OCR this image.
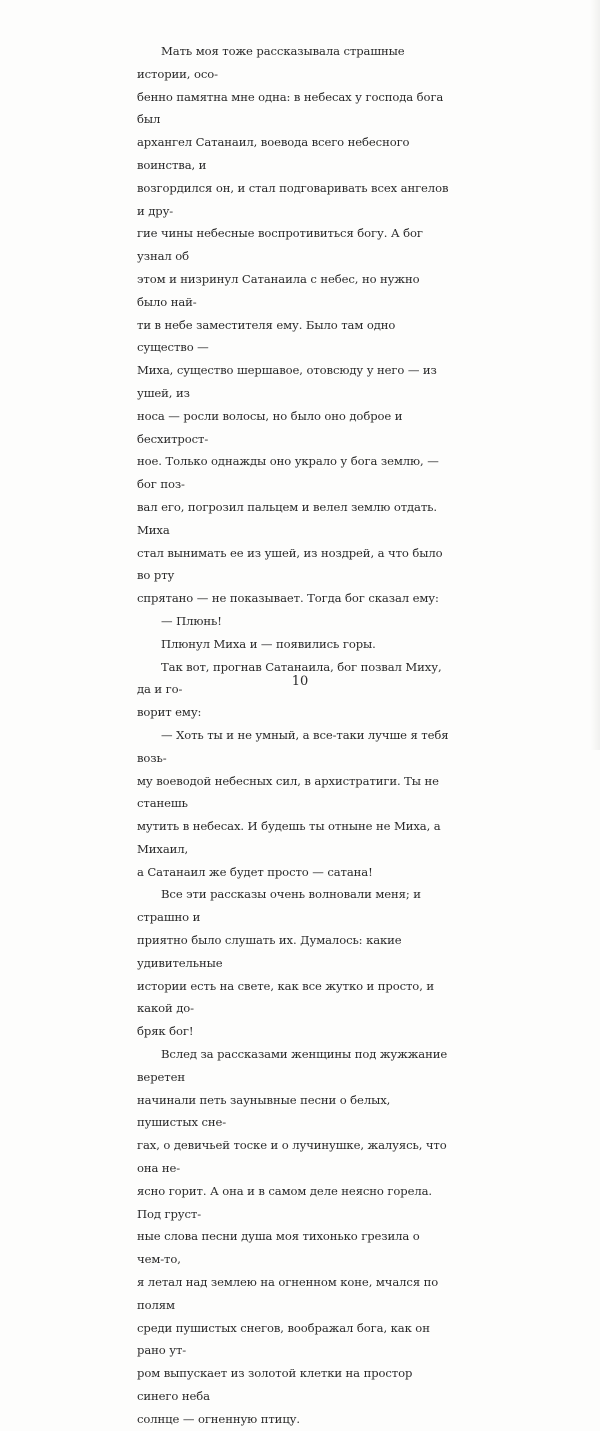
Мать моя тоже рассказывала страшные истории, осо-
бенно памятна мне одна: в небесах у господа бога был
архангел Сатанаил, воевода всего небесного воинства, и
возгордился он, и стал подговаривать всех ангелов и дру-
гие чины небесные воспротивиться богу. А бог узнал об
этом и низринул Сатанаила с небес, но нужно было най-
ти в небе заместителя ему. Было там одно существо —
Миха, существо шершавое, отовсюду у него — из ушей, из
носа — росли волосы, но было оно доброе и бесхитрост-
ное. Только однажды оно украло у бога землю, — бог поз-
вал его, погрозил пальцем и велел землю отдать. Миха
стал вынимать ее из ушей, из ноздрей, а что было во рту
спрятано — не показывает. Тогда бог сказал ему:

— Плюнь!

Плюнул Миха и — появились горы.

Так вот, прогнав Сатанаила, бог позвал Миху, да и го-
ворит ему:

— Хоть ты и не умный, а все-таки лучше я тебя возь-
му воеводой небесных сил, в архистратиги. Ты не станешь
мутить в небесах. И будешь ты отныне не Миха, а Михаил,
а Сатанаил же будет просто — сатана!

Все эти рассказы очень волновали меня; и страшно и
приятно было слушать их. Думалось: какие удивительные
истории есть на свете, как все жутко и просто, и какой до-
бряк бог!

Вслед за рассказами женщины под жужжание веретен
начинали петь заунывные песни о белых, пушистых сне-
гах, о девичьей тоске и о лучинушке, жалуясь, что она не-
ясно горит. А она и в самом деле неясно горела. Под груст-
ные слова песни душа моя тихонько грезила о чем-то,
я летал над землею на огненном коне, мчался по полям
среди пушистых снегов, воображал бога, как он рано ут-
ром выпускает из золотой клетки на простор синего неба
солнце — огненную птицу.

10
